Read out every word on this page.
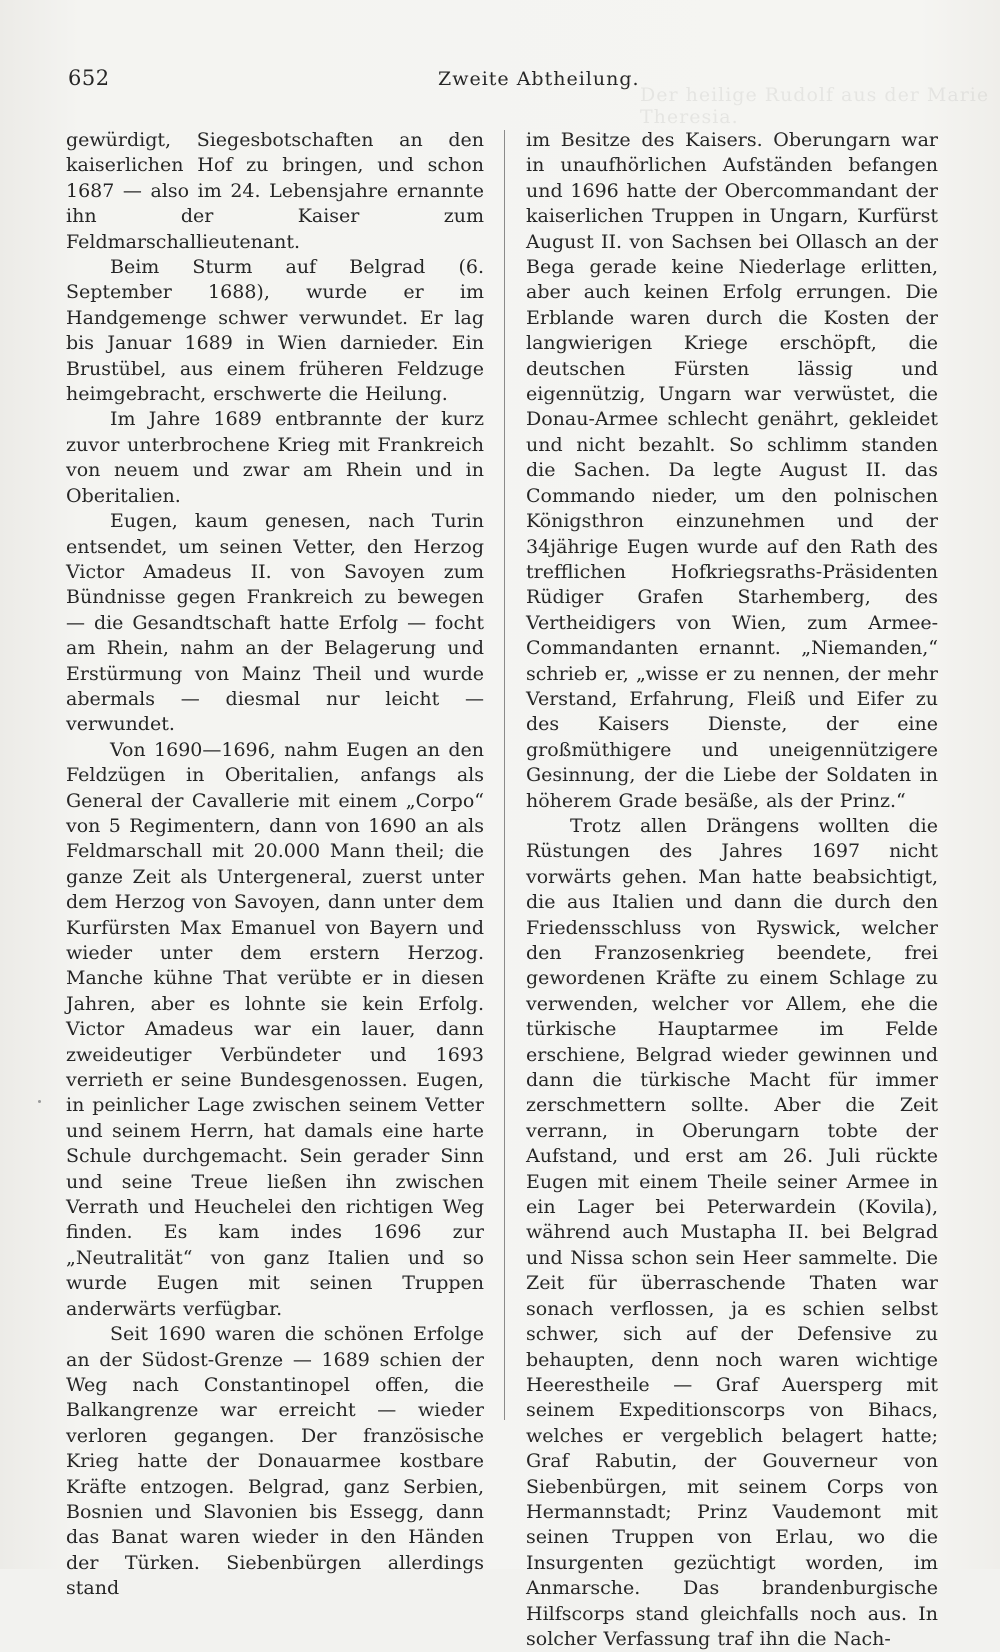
652	Zweite Abtheilung.
Der heilige Rudolf aus der Marie Theresia.

gewürdigt, Siegesbotschaften an den kaiserlichen Hof zu bringen, und schon 1687 — also im 24. Lebensjahre ernannte ihn der Kaiser zum Feldmarschallieutenant.

Beim Sturm auf Belgrad (6. September 1688), wurde er im Handgemenge schwer verwundet. Er lag bis Januar 1689 in Wien darnieder. Ein Brustübel, aus einem früheren Feldzuge heimgebracht, erschwerte die Heilung.

Im Jahre 1689 entbrannte der kurz zuvor unterbrochene Krieg mit Frankreich von neuem und zwar am Rhein und in Oberitalien.

Eugen, kaum genesen, nach Turin entsendet, um seinen Vetter, den Herzog Victor Amadeus II. von Savoyen zum Bündnisse gegen Frankreich zu bewegen — die Gesandtschaft hatte Erfolg — focht am Rhein, nahm an der Belagerung und Erstürmung von Mainz Theil und wurde abermals — diesmal nur leicht — verwundet.

Von 1690—1696, nahm Eugen an den Feldzügen in Oberitalien, anfangs als General der Cavallerie mit einem „Corpo“ von 5 Regimentern, dann von 1690 an als Feldmarschall mit 20.000 Mann theil; die ganze Zeit als Untergeneral, zuerst unter dem Herzog von Savoyen, dann unter dem Kurfürsten Max Emanuel von Bayern und wieder unter dem erstern Herzog. Manche kühne That verübte er in diesen Jahren, aber es lohnte sie kein Erfolg. Victor Amadeus war ein lauer, dann zweideutiger Verbündeter und 1693 verrieth er seine Bundesgenossen. Eugen, in peinlicher Lage zwischen seinem Vetter und seinem Herrn, hat damals eine harte Schule durchgemacht. Sein gerader Sinn und seine Treue ließen ihn zwischen Verrath und Heuchelei den richtigen Weg finden. Es kam indes 1696 zur „Neutralität“ von ganz Italien und so wurde Eugen mit seinen Truppen anderwärts verfügbar.

Seit 1690 waren die schönen Erfolge an der Südost-Grenze — 1689 schien der Weg nach Constantinopel offen, die Balkangrenze war erreicht — wieder verloren gegangen. Der französische Krieg hatte der Donauarmee kostbare Kräfte entzogen. Belgrad, ganz Serbien, Bosnien und Slavonien bis Essegg, dann das Banat waren wieder in den Händen der Türken. Siebenbürgen allerdings stand

im Besitze des Kaisers. Oberungarn war in unaufhörlichen Aufständen befangen und 1696 hatte der Obercommandant der kaiserlichen Truppen in Ungarn, Kurfürst August II. von Sachsen bei Ollasch an der Bega gerade keine Niederlage erlitten, aber auch keinen Erfolg errungen. Die Erblande waren durch die Kosten der langwierigen Kriege erschöpft, die deutschen Fürsten lässig und eigennützig, Ungarn war verwüstet, die Donau-Armee schlecht genährt, gekleidet und nicht bezahlt. So schlimm standen die Sachen. Da legte August II. das Commando nieder, um den polnischen Königsthron einzunehmen und der 34jährige Eugen wurde auf den Rath des trefflichen Hofkriegsraths-Präsidenten Rüdiger Grafen Starhemberg, des Vertheidigers von Wien, zum Armee-Commandanten ernannt. „Niemanden,“ schrieb er, „wisse er zu nennen, der mehr Verstand, Erfahrung, Fleiß und Eifer zu des Kaisers Dienste, der eine großmüthigere und uneigennützigere Gesinnung, der die Liebe der Soldaten in höherem Grade besäße, als der Prinz.“

Trotz allen Drängens wollten die Rüstungen des Jahres 1697 nicht vorwärts gehen. Man hatte beabsichtigt, die aus Italien und dann die durch den Friedensschluss von Ryswick, welcher den Franzosenkrieg beendete, frei gewordenen Kräfte zu einem Schlage zu verwenden, welcher vor Allem, ehe die türkische Hauptarmee im Felde erschiene, Belgrad wieder gewinnen und dann die türkische Macht für immer zerschmettern sollte. Aber die Zeit verrann, in Oberungarn tobte der Aufstand, und erst am 26. Juli rückte Eugen mit einem Theile seiner Armee in ein Lager bei Peterwardein (Kovila), während auch Mustapha II. bei Belgrad und Nissa schon sein Heer sammelte. Die Zeit für überraschende Thaten war sonach verflossen, ja es schien selbst schwer, sich auf der Defensive zu behaupten, denn noch waren wichtige Heerestheile — Graf Auersperg mit seinem Expeditionscorps von Bihacs, welches er vergeblich belagert hatte; Graf Rabutin, der Gouverneur von Siebenbürgen, mit seinem Corps von Hermannstadt; Prinz Vaudemont mit seinen Truppen von Erlau, wo die Insurgenten gezüchtigt worden, im Anmarsche. Das brandenburgische Hilfscorps stand gleichfalls noch aus. In solcher Verfassung traf ihn die Nach-
